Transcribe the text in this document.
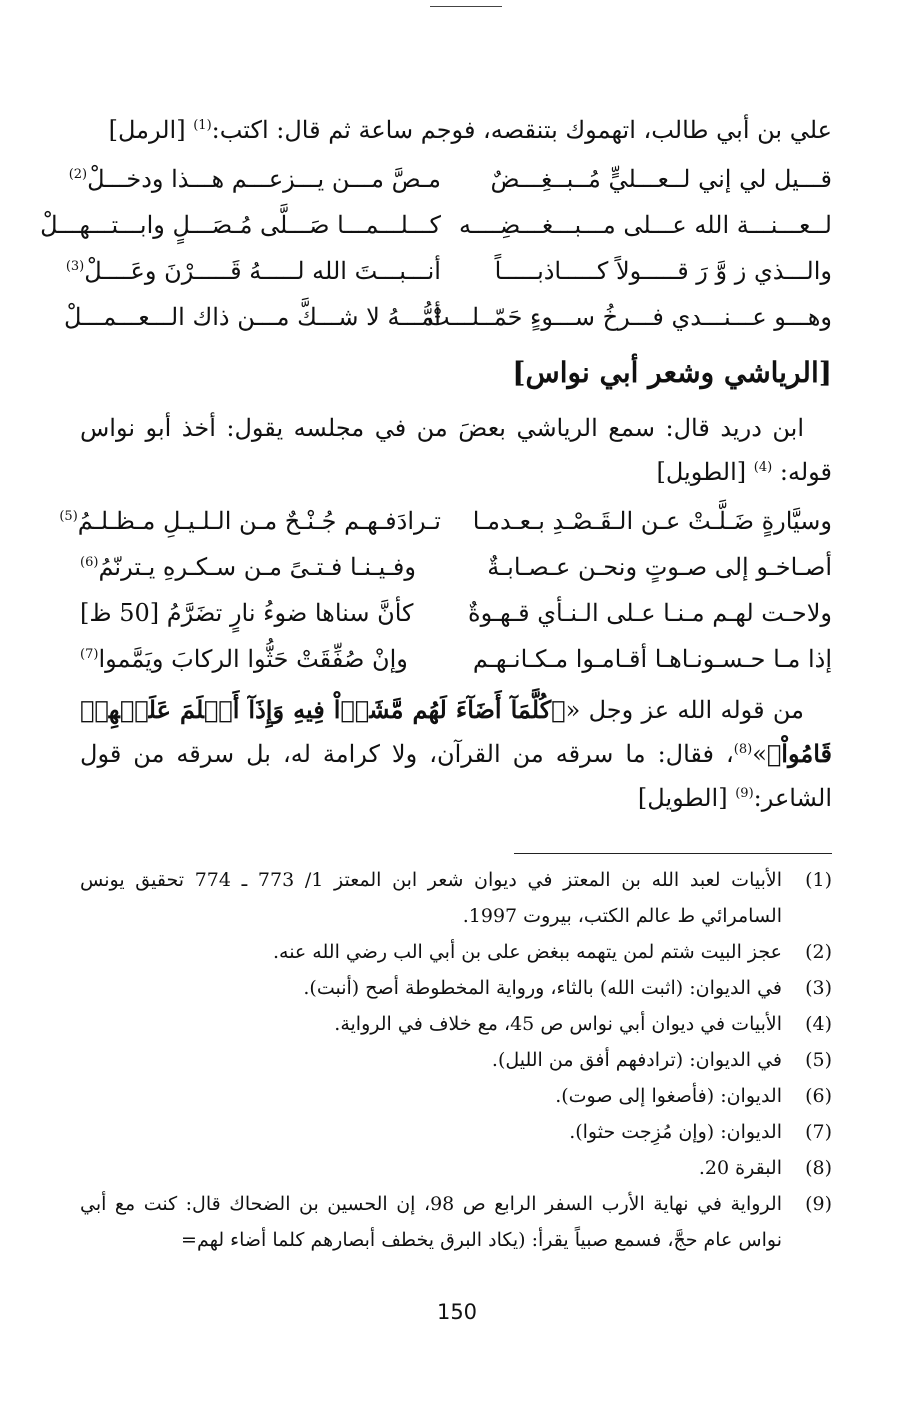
علي بن أبي طالب، اتهموك بتنقصه، فوجم ساعة ثم قال: اكتب:$^{(1)}$ [الرمل]

قـــيل لي إني لــعـــليٍّ مُــبــغِـــضٌ
مـصَّ مـــن يـــزعـــم هـــذا ودخـــلْ$^{(2)}$
لــعـــنـــة الله عـــلى مـــبـــغـــضِــــه
كـــلـــمـــا صَـــلَّى مُـصَـــلٍ وابـــتـــهـــلْ
والـــذي ز وَّ رَ قـــــولاً كـــــاذبـــــاً
أنـــبـــتَ الله لـــــهُ قَـــــرْنَ وعَــــلْ$^{(3)}$
وهـــو عـــنـــدي فـــرخُ ســـوءٍ حَمّــلـــتْ
أمُّـــهُ لا شـــكَّ مـــن ذاك الـــعـــمـــلْ
[الرياشي وشعر أبي نواس]

ابن دريد قال: سمع الرياشي بعضَ من في مجلسه يقول: أخذ أبو نواس قوله: $^{(4)}$ [الطويل]

وسيَّارةٍ ضَـلَّـتْ عـن الـقَـصْـدِ بـعـدمـا
تـرادَفـهـم جُـنْـحٌ مـن الـلـيـلِ مـظـلـمُ$^{(5)}$
أصـاخـو إلى صـوتٍ ونحـن عـصـابـةٌ
وفـيـنـا فـتـىً مـن سـكـرهِ يـترنّمُ$^{(6)}$
ولاحـت لهـم مـنـا عـلى الـنـأي قـهـوةٌ
كأنَّ سناها ضوءُ نارٍ تضَرَّمُ [50 ظ]
إذا مـا حـسـونـاهـا أقـامـوا مـكـانـهـم
وإنْ صُفِّقَتْ حَثُّوا الركابَ ويَمَّموا$^{(7)}$

من قوله الله عز وجل «﴿كُلَّمَآ أَضَآءَ لَهُم مَّشَوۡاْ فِيهِ وَإِذَآ أَظۡلَمَ عَلَيۡهِمۡ قَامُواْ﴾»$^{(8)}$، فقال: ما سرقه من القرآن، ولا كرامة له، بل سرقه من قول الشاعر:$^{(9)}$ [الطويل]

(1)
الأبيات لعبد الله بن المعتز في ديوان شعر ابن المعتز 1/ 773 ـ 774 تحقيق يونس السامرائي ط عالم الكتب، بيروت 1997.
(2)
عجز البيت شتم لمن يتهمه ببغض على بن أبي الب رضي الله عنه.
(3)
في الديوان: (اثبت الله) بالثاء، ورواية المخطوطة أصح (أنبت).
(4)
الأبيات في ديوان أبي نواس ص 45، مع خلاف في الرواية.
(5)
في الديوان: (ترادفهم أفق من الليل).
(6)
الديوان: (فأصغوا إلى صوت).
(7)
الديوان: (وإن مُزِجت حثوا).
(8)
البقرة 20.
(9)
الرواية في نهاية الأرب السفر الرابع ص 98، إن الحسين بن الضحاك قال: كنت مع أبي نواس عام حجَّ، فسمع صبياً يقرأ: (يكاد البرق يخطف أبصارهم كلما أضاء لهم=
150
